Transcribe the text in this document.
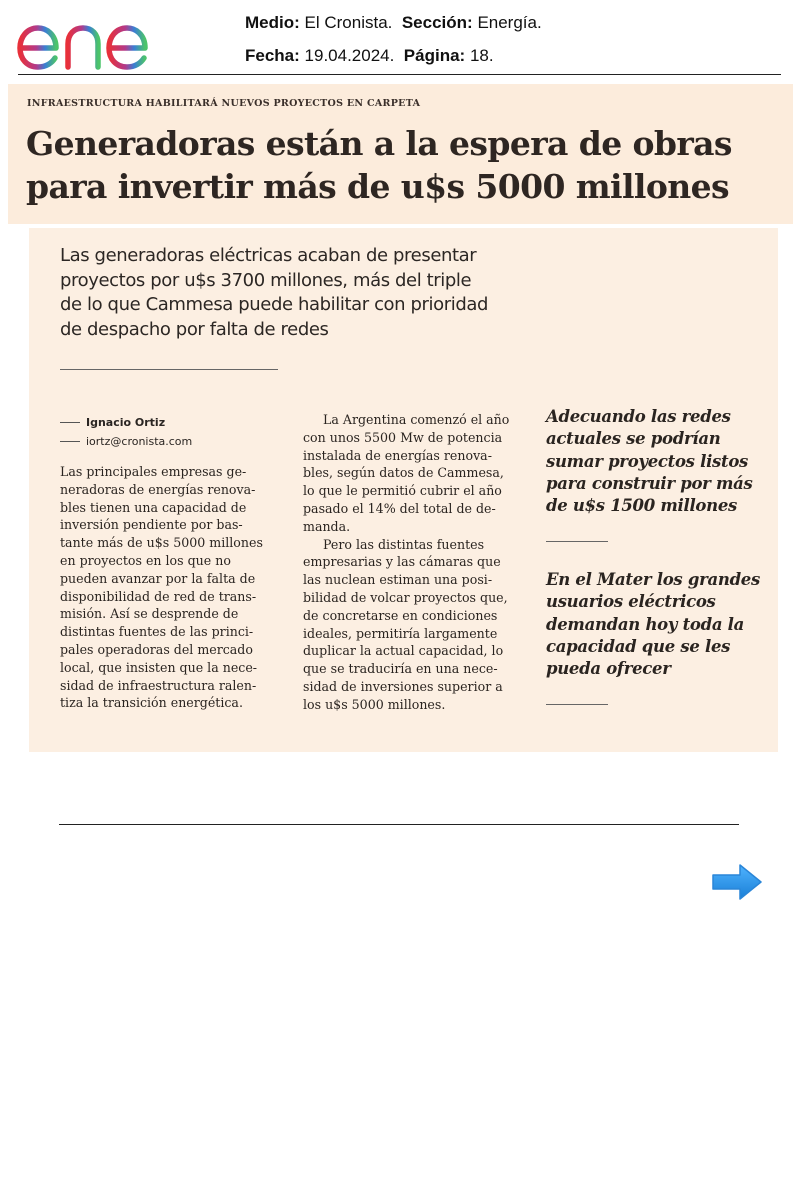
Medio: El Cronista. Sección: Energía.
Fecha: 19.04.2024. Página: 18.
INFRAESTRUCTURA HABILITARÁ NUEVOS PROYECTOS EN CARPETA
Generadoras están a la espera de obras
para invertir más de u$s 5000 millones

Las generadoras eléctricas acaban de presentar
proyectos por u$s 3700 millones, más del triple
de lo que Cammesa puede habilitar con prioridad
de despacho por falta de redes

Ignacio Ortiz
iortz@cronista.com

Las principales empresas ge-
neradoras de energías renova-
bles tienen una capacidad de
inversión pendiente por bas-
tante más de u$s 5000 millones
en proyectos en los que no
pueden avanzar por la falta de
disponibilidad de red de trans-
misión. Así se desprende de
distintas fuentes de las princi-
pales operadoras del mercado
local, que insisten que la nece-
sidad de infraestructura ralen-
tiza la transición energética.

La Argentina comenzó el año
con unos 5500 Mw de potencia
instalada de energías renova-
bles, según datos de Cammesa,
lo que le permitió cubrir el año
pasado el 14% del total de de-
manda.

Pero las distintas fuentes
empresarias y las cámaras que
las nuclean estiman una posi-
bilidad de volcar proyectos que,
de concretarse en condiciones
ideales, permitiría largamente
duplicar la actual capacidad, lo
que se traduciría en una nece-
sidad de inversiones superior a
los u$s 5000 millones.

Adecuando las redes
actuales se podrían
sumar proyectos listos
para construir por más
de u$s 1500 millones

En el Mater los grandes
usuarios eléctricos
demandan hoy toda la
capacidad que se les
pueda ofrecer
